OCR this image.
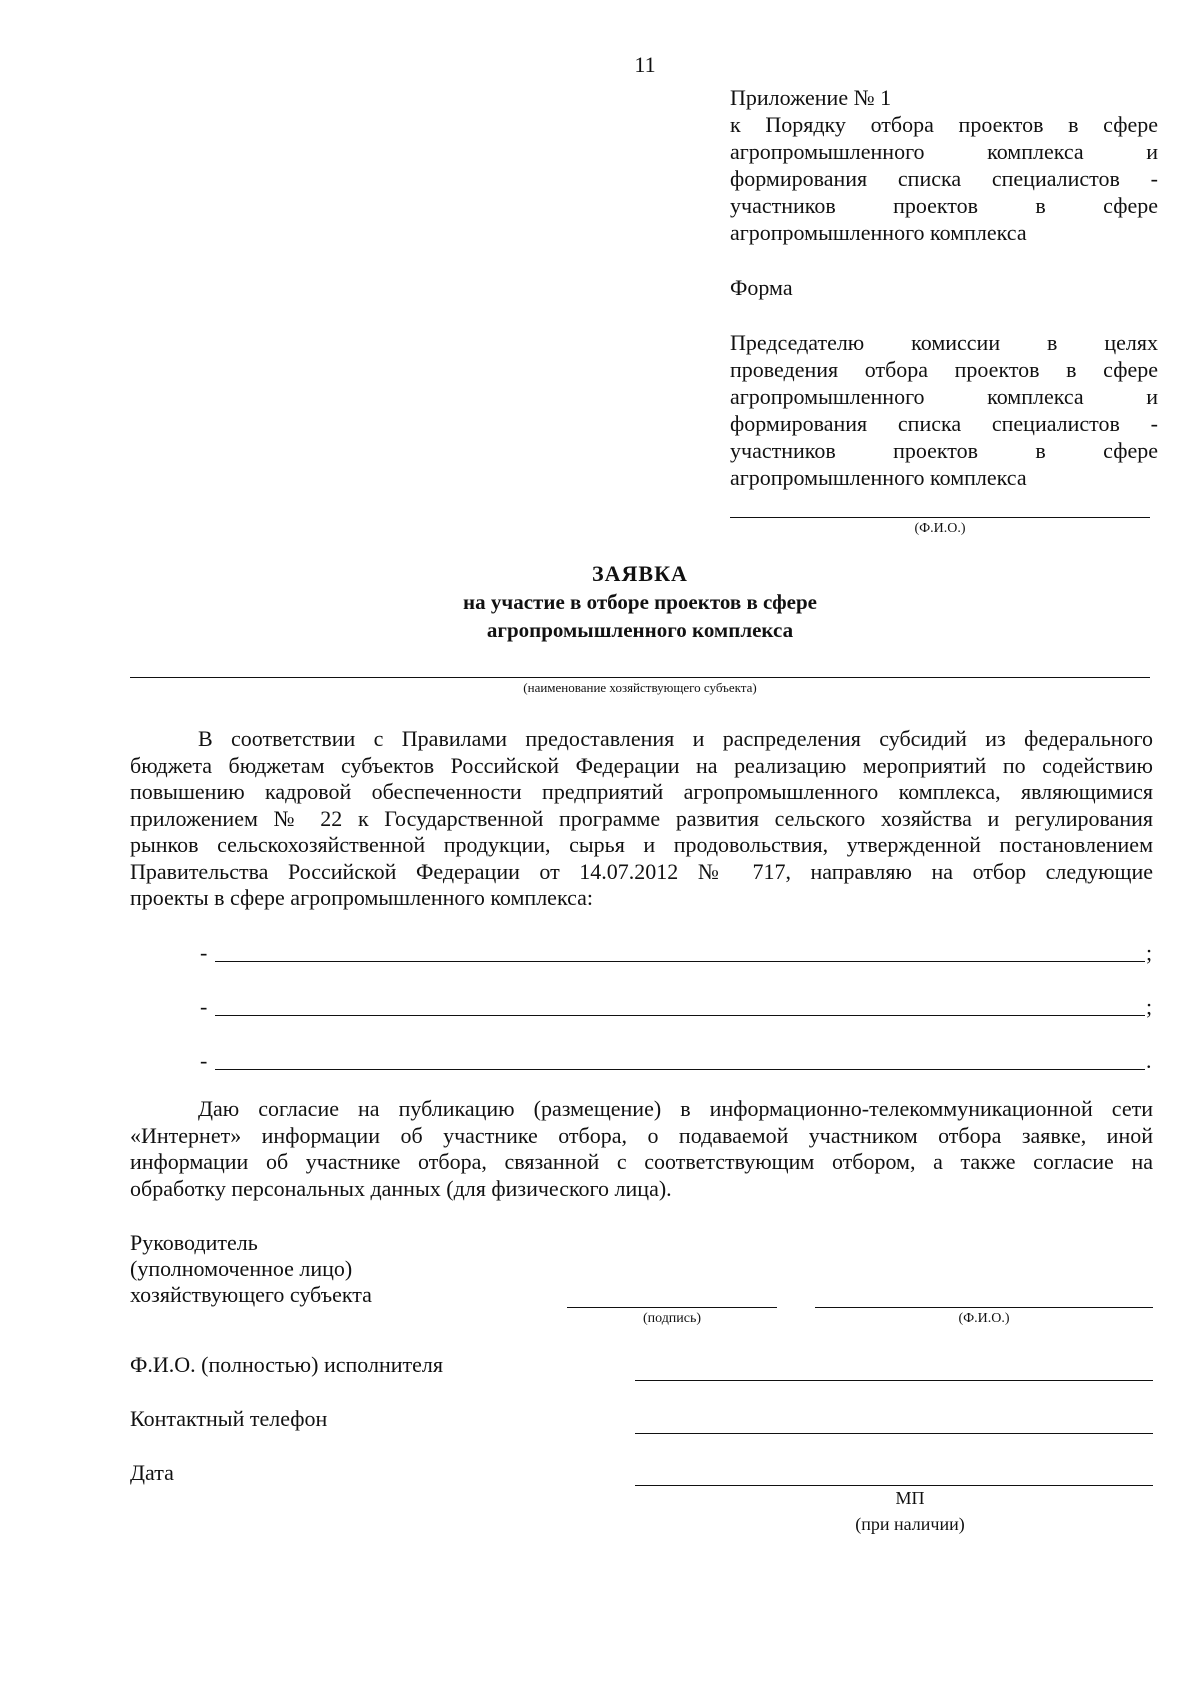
11
Приложение № 1
к Порядку отбора проектов в сфере
агропромышленного комплекса и
формирования списка специалистов -
участников проектов в сфере
агропромышленного комплекса
Форма
Председателю комиссии в целях
проведения отбора проектов в сфере
агропромышленного комплекса и
формирования списка специалистов -
участников проектов в сфере
агропромышленного комплекса
(Ф.И.О.)
ЗАЯВКА
на участие в отборе проектов в сфере
агропромышленного комплекса
(наименование хозяйствующего субъекта)
В соответствии с Правилами предоставления и распределения субсидий из федерального
бюджета бюджетам субъектов Российской Федерации на реализацию мероприятий по содействию
повышению кадровой обеспеченности предприятий агропромышленного комплекса, являющимися
приложением № 22 к Государственной программе развития сельского хозяйства и регулирования
рынков сельскохозяйственной продукции, сырья и продовольствия, утвержденной постановлением
Правительства Российской Федерации от 14.07.2012 № 717, направляю на отбор следующие
проекты в сфере агропромышленного комплекса:
-	;
-	;
-	.
Даю согласие на публикацию (размещение) в информационно-телекоммуникационной сети
«Интернет» информации об участнике отбора, о подаваемой участником отбора заявке, иной
информации об участнике отбора, связанной с соответствующим отбором, а также согласие на
обработку персональных данных (для физического лица).
Руководитель
(уполномоченное лицо)
хозяйствующего субъекта
(подпись)	(Ф.И.О.)
Ф.И.О. (полностью) исполнителя
Контактный телефон
Дата
МП
(при наличии)
